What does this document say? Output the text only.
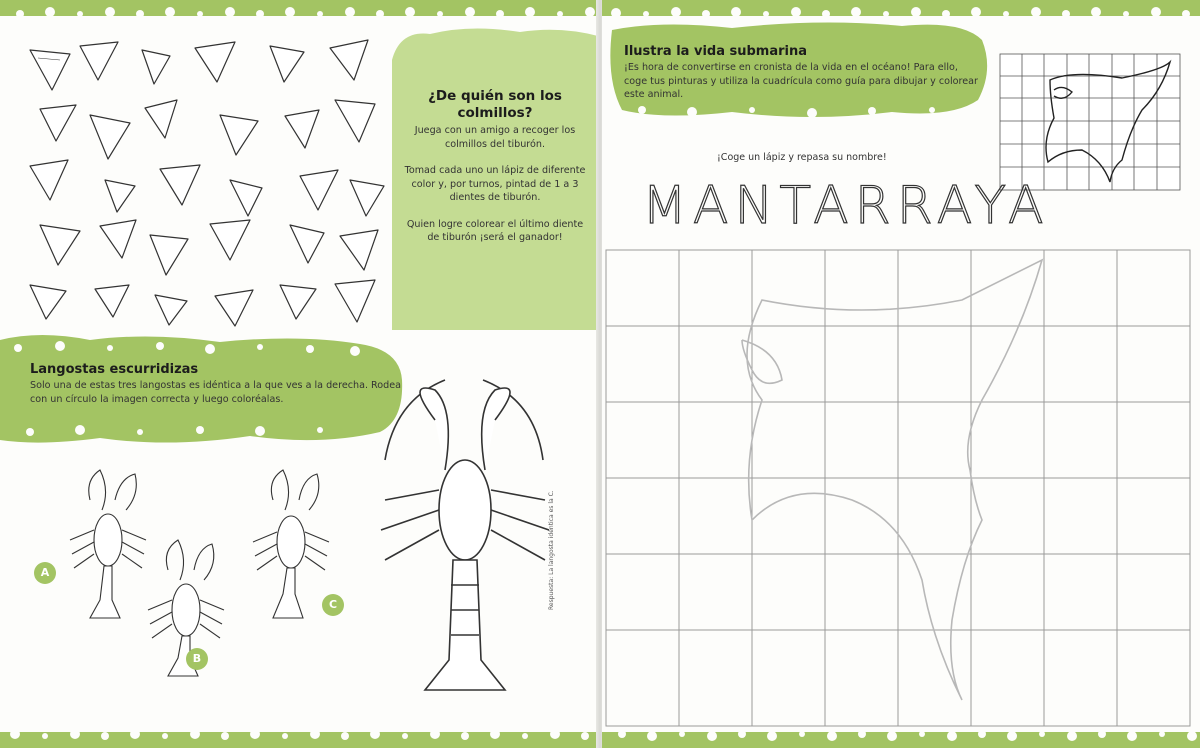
¿De quién son los colmillos?

Juega con un amigo a recoger los colmillos del tiburón.

Tomad cada uno un lápiz de diferente color y, por turnos, pintad de 1 a 3 dientes de tiburón.

Quien logre colorear el último diente de tiburón ¡será el ganador!

Langostas escurridizas
Solo una de estas tres langostas es idéntica a la que ves a la derecha. Rodea con un círculo la imagen correcta y luego coloréalas.
A
B
C	Respuesta: La langosta idéntica es la C.
Ilustra la vida submarina
¡Es hora de convertirse en cronista de la vida en el océano! Para ello, coge tus pinturas y utiliza la cuadrícula como guía para dibujar y colorear este animal.
¡Coge un lápiz y repasa su nombre!
MANTARRAYA
